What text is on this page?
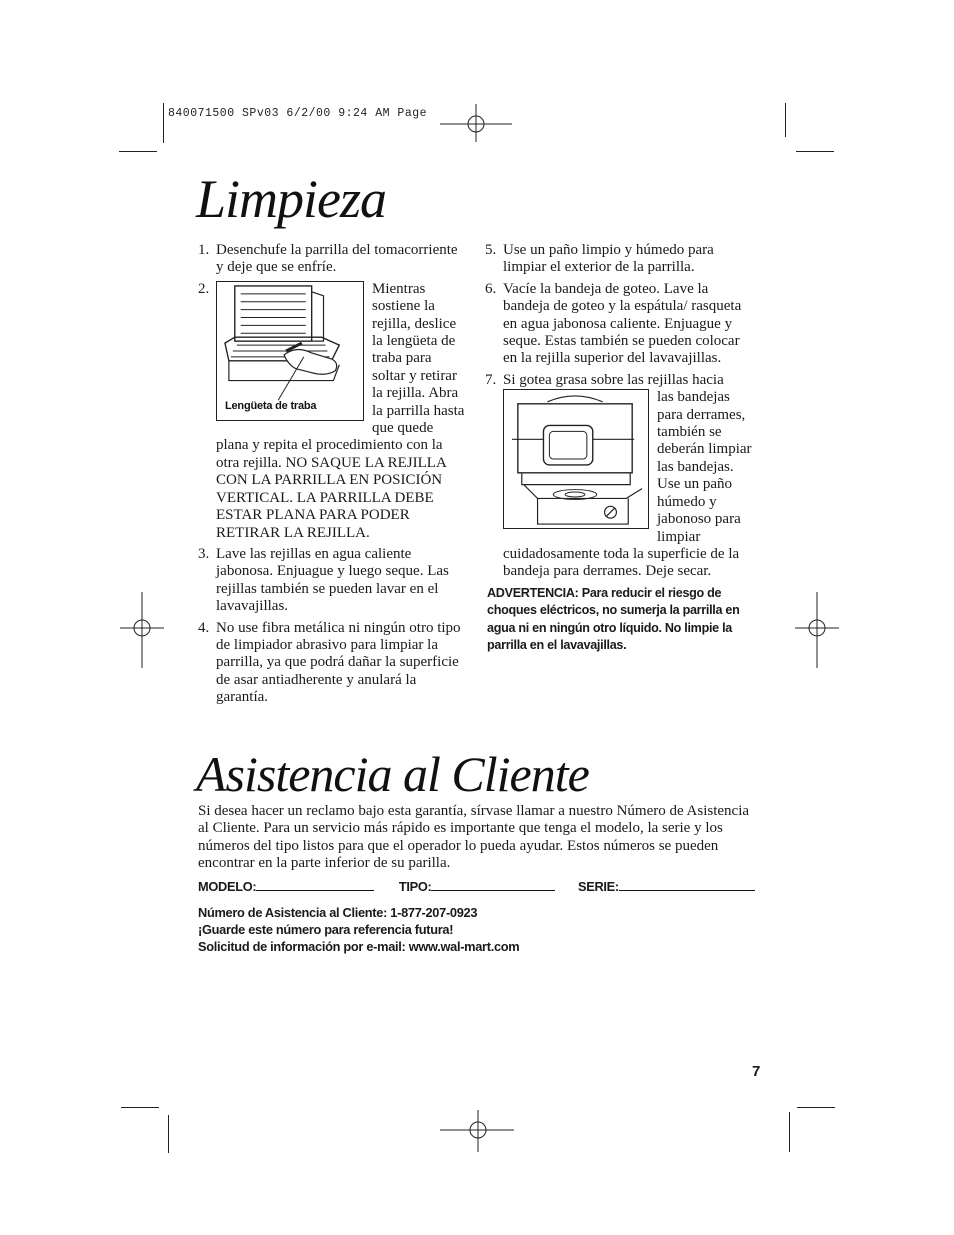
840071500 SPv03 6/2/00 9:24 AM Page
Limpieza
1. Desenchufe la parrilla del tomacorriente y deje que se enfríe.
2.
Lengüeta de traba
Mientras sostiene la rejilla, deslice la lengüeta de traba para soltar y retirar la rejilla. Abra la parrilla hasta que quede plana y repita el procedimiento con la otra rejilla. NO SAQUE LA REJILLA CON LA PARRILLA EN POSICIÓN VERTICAL. LA PARRILLA DEBE ESTAR PLANA PARA PODER RETIRAR LA REJILLA.
3. Lave las rejillas en agua caliente jabonosa. Enjuague y luego seque. Las rejillas también se pueden lavar en el lavavajillas.
4. No use fibra metálica ni ningún otro tipo de limpiador abrasivo para limpiar la parrilla, ya que podrá dañar la superficie de asar antiadherente y anulará la garantía.
5. Use un paño limpio y húmedo para limpiar el exterior de la parrilla.
6. Vacíe la bandeja de goteo. Lave la bandeja de goteo y la espátula/ rasqueta en agua jabonosa caliente. Enjuague y seque. Estas también se pueden colocar en la rejilla superior del lavavajillas.
7. Si gotea grasa sobre las rejillas hacia
las bandejas para derrames, también se deberán limpiar las bandejas. Use un paño húmedo y jabonoso para limpiar cuidadosamente toda la superficie de la bandeja para derrames. Deje secar.
ADVERTENCIA: Para reducir el riesgo de choques eléctricos, no sumerja la parrilla en agua ni en ningún otro líquido. No limpie la parrilla en el lavavajillas.
Asistencia al Cliente
Si desea hacer un reclamo bajo esta garantía, sírvase llamar a nuestro Número de Asistencia al Cliente. Para un servicio más rápido es importante que tenga el modelo, la serie y los números del tipo listos para que el operador lo pueda ayudar. Estos números se pueden encontrar en la parte inferior de su parilla.
MODELO:	TIPO:	SERIE:
Número de Asistencia al Cliente: 1-877-207-0923
¡Guarde este número para referencia futura!
Solicitud de información por e-mail: www.wal-mart.com
7
